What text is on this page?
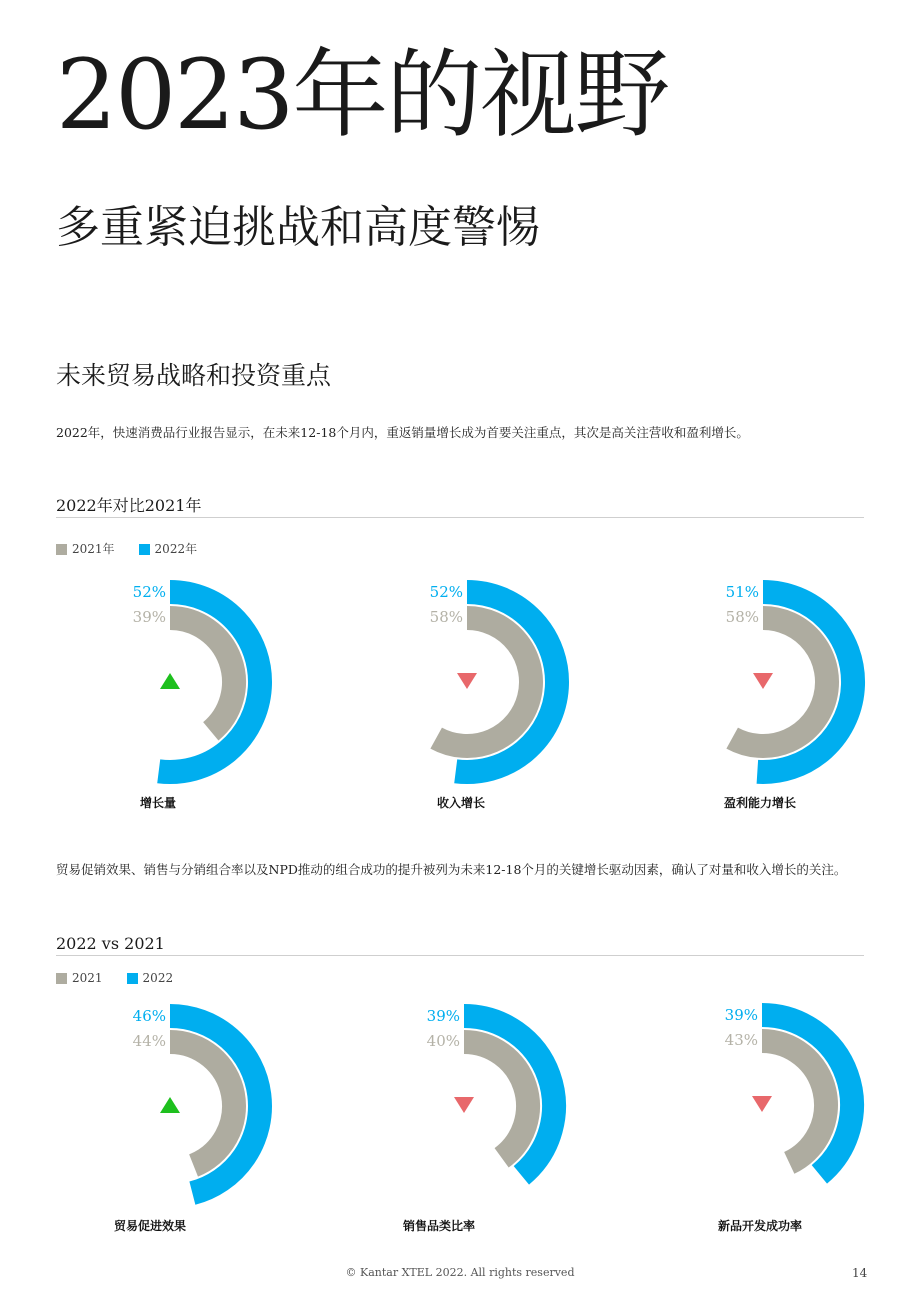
2023年的视野
多重紧迫挑战和高度警惕
未来贸易战略和投资重点

2022年，快速消费品行业报告显示，在未来12-18个月内，重返销量增长成为首要关注重点，其次是高关注营收和盈利增长。

2022年对比2021年
2021年	2022年
52%
39%
52%
58%
51%
58%
增长量	收入增长	盈利能力增长

贸易促销效果、销售与分销组合率以及NPD推动的组合成功的提升被列为未来12-18个月的关键增长驱动因素，确认了对量和收入增长的关注。

2022 vs 2021
2021	2022
46%
44%
39%
40%
39%
43%
贸易促进效果	销售品类比率	新品开发成功率
© Kantar XTEL 2022. All rights reserved	14
